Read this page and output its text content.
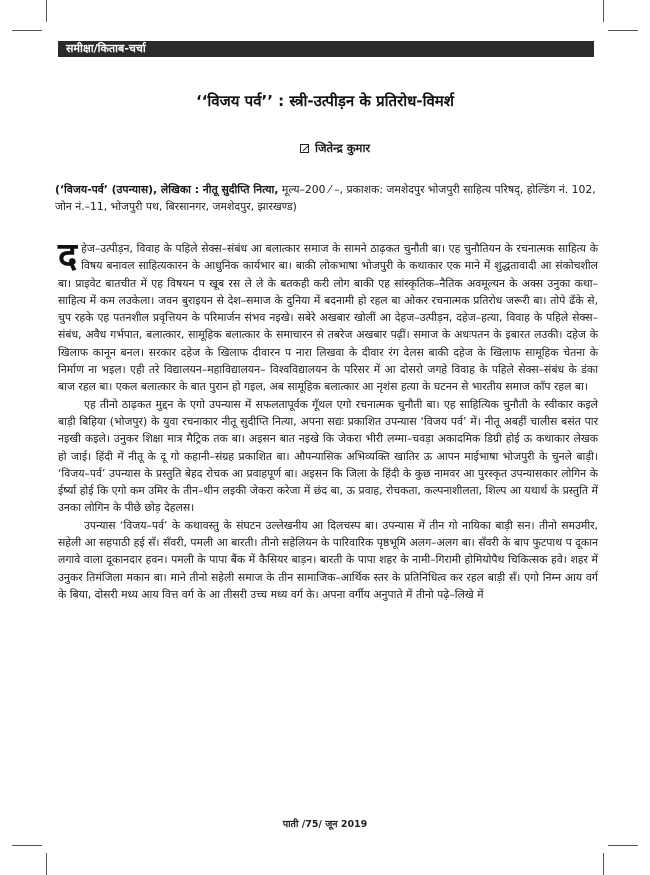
समीक्षा/किताब-चर्चा
‘‘विजय पर्व’’ : स्त्री-उत्पीड़न के प्रतिरोध-विमर्श
जितेन्द्र कुमार
(‘विजय-पर्व’ (उपन्यास), लेखिका : नीतू सुदीप्ति नित्या, मूल्य–200 ⁄ –, प्रकाशक: जमशेदपुर भोजपुरी साहित्य परिषद्, होल्डिंग नं. 102, जोन नं.–11, भोजपुरी पथ, बिरसानगर, जमशेदपुर, झारखण्ड)

दहेज–उत्पीड़न, विवाह के पहिले सेक्स–संबंध आ बलात्कार समाज के सामने ठाढ़कत चुनौती बा। एह चुनौतियन के रचनात्मक साहित्य के विषय बनावल साहित्यकारन के आधुनिक कार्यभार बा। बाकी लोकभाषा भोजपुरी के कथाकार एक माने में शुद्धतावादी आ संकोचशील बा। प्राइवेट बातचीत में एह विषयन प खूब रस ले ले के बतकही करी लोग बाकी एह सांस्कृतिक–नैतिक अवमूल्यन के अक्स उनुका कथा–साहित्य में कम लउकेला। जवन बुराइयन से देश–समाज के दुनिया में बदनामी हो रहल बा ओकर रचनात्मक प्रतिरोध जरूरी बा। तोपे ढँके से, चुप रहके एह पतनशील प्रवृत्तियन के परिमार्जन संभव नइखे। सबेरे अखबार खोलीं आ देहज–उत्पीड़न, दहेज–हत्या, विवाह के पहिले सेक्स–संबंध, अवैध गर्भपात, बलात्कार, सामूहिक बलात्कार के समाचारन से तबरेज अखबार पढ़ीं। समाज के अधःपतन के इबारत लउकी। दहेज के खिलाफ कानून बनल। सरकार दहेज के खिलाफ दीवारन प नारा लिखवा के दीवार रंग देलस बाकी दहेज के खिलाफ सामूहिक चेतना के निर्माण ना भइल। एही तरे विद्यालयन–महाविद्यालयन– विश्वविद्यालयन के परिसर में आ दोसरो जगहे विवाह के पहिले सेक्स–संबंध के डंका बाज रहल बा। एकल बलात्कार के बात पुरान हो गइल, अब सामूहिक बलात्कार आ नृशंस हत्या के घटनन से भारतीय समाज काँप रहल बा।

एह तीनो ठाढ़कत मुद्दन के एगो उपन्यास में सफलतापूर्वक गूँथल एगो रचनात्मक चुनौती बा। एह साहित्यिक चुनौती के स्वीकार कइले बाड़ी बिहिया (भोजपुर) के युवा रचनाकार नीतू सुदीप्ति नित्या, अपना सद्यः प्रकाशित उपन्यास ‘विजय पर्व’ में। नीतू अबहीं चालीस बसंत पार नइखी कइले। उनुकर शिक्षा मात्र मैट्रिक तक बा। अइसन बात नइखे कि जेकरा भीरी लम्मा–चवड़ा अकादमिक डिग्री होई ऊ कथाकार लेखक हो जाई। हिंदी में नीतू के दू गो कहानी–संग्रह प्रकाशित बा। औपन्यासिक अभिव्यक्ति खातिर ऊ आपन माईभाषा भोजपुरी के चुनले बाड़ी। ‘विजय–पर्व’ उपन्यास के प्रस्तुति बेहद रोचक आ प्रवाहपूर्ण बा। अइसन कि जिला के हिंदी के कुछ नामवर आ पुरस्कृत उपन्यासकार लोगिन के ईर्ष्या होई कि एगो कम उमिर के तीन–थीन लइकी जेकरा करेजा में छंद बा, ऊ प्रवाह, रोचकता, कल्पनाशीलता, शिल्प आ यथार्थ के प्रस्तुति में उनका लोगिन के पीछे छोड़ देहलस।

उपन्यास ‘विजय–पर्व’ के कथावस्तु के संघटन उल्लेखनीय आ दिलचस्प बा। उपन्यास में तीन गो नायिका बाड़ी सन। तीनो समउमीर, सहेली आ सहपाठी हई सँ। सँवरी, पमली आ बारती। तीनो सहेलियन के पारिवारिक पृष्ठभूमि अलग–अलग बा। सँवरी के बाप फुटपाथ प दूकान लगावे वाला दूकानदार हवन। पमली के पापा बैंक में कैसियर बाड़न। बारती के पापा शहर के नामी–गिरामी होमियोपैथ चिकित्सक हवे। शहर में उनुकर तिमंजिला मकान बा। माने तीनो सहेली समाज के तीन सामाजिक–आर्थिक स्तर के प्रतिनिधित्व कर रहल बाड़ी सँ। एगो निम्न आय वर्ग के बिया, दोसरी मध्य आय वित्त वर्ग के आ तीसरी उच्च मध्य वर्ग के। अपना वर्गीय अनुपाते में तीनो पढ़े–लिखे में

पाती /75/ जून 2019
